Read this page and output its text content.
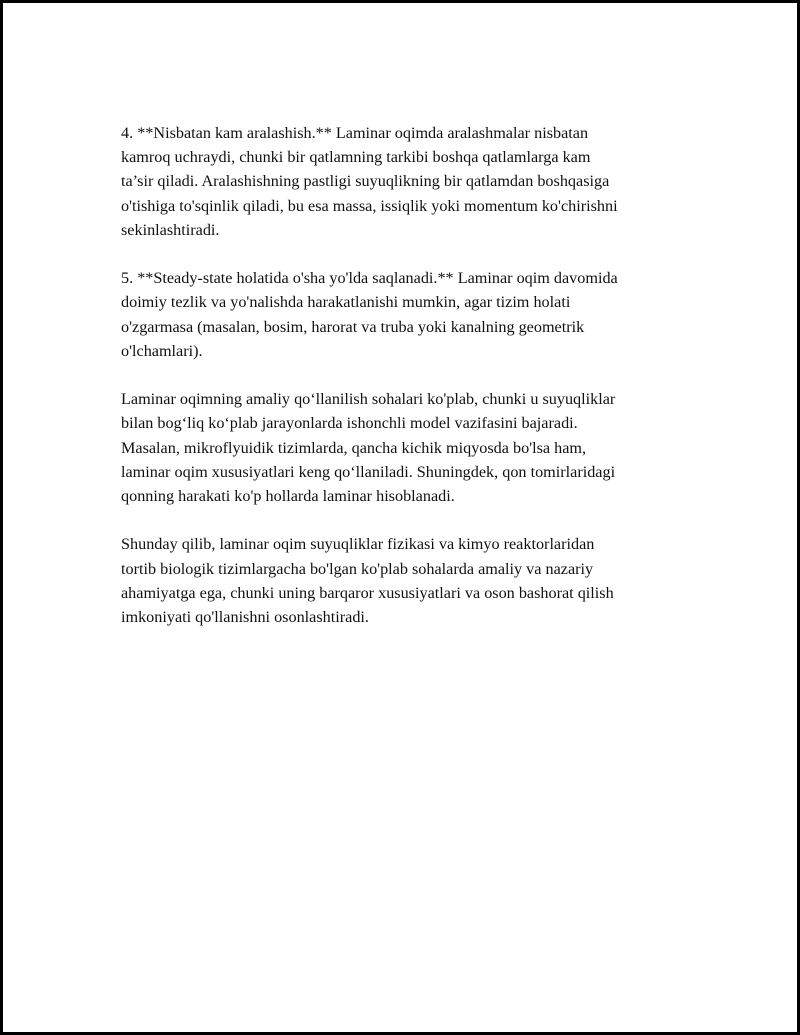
4. **Nisbatan kam aralashish.** Laminar oqimda aralashmalar nisbatan
kamroq uchraydi, chunki bir qatlamning tarkibi boshqa qatlamlarga kam
ta’sir qiladi. Aralashishning pastligi suyuqlikning bir qatlamdan boshqasiga
o'tishiga to'sqinlik qiladi, bu esa massa, issiqlik yoki momentum ko'chirishni
sekinlashtiradi.

5. **Steady-state holatida o'sha yo'lda saqlanadi.** Laminar oqim davomida
doimiy tezlik va yo'nalishda harakatlanishi mumkin, agar tizim holati
o'zgarmasa (masalan, bosim, harorat va truba yoki kanalning geometrik
o'lchamlari).

Laminar oqimning amaliy qo‘llanilish sohalari ko'plab, chunki u suyuqliklar
bilan bog‘liq ko‘plab jarayonlarda ishonchli model vazifasini bajaradi.
Masalan, mikroflyuidik tizimlarda, qancha kichik miqyosda bo'lsa ham,
laminar oqim xususiyatlari keng qo‘llaniladi. Shuningdek, qon tomirlaridagi
qonning harakati ko'p hollarda laminar hisoblanadi.

Shunday qilib, laminar oqim suyuqliklar fizikasi va kimyo reaktorlaridan
tortib biologik tizimlargacha bo'lgan ko'plab sohalarda amaliy va nazariy
ahamiyatga ega, chunki uning barqaror xususiyatlari va oson bashorat qilish
imkoniyati qo'llanishni osonlashtiradi.
